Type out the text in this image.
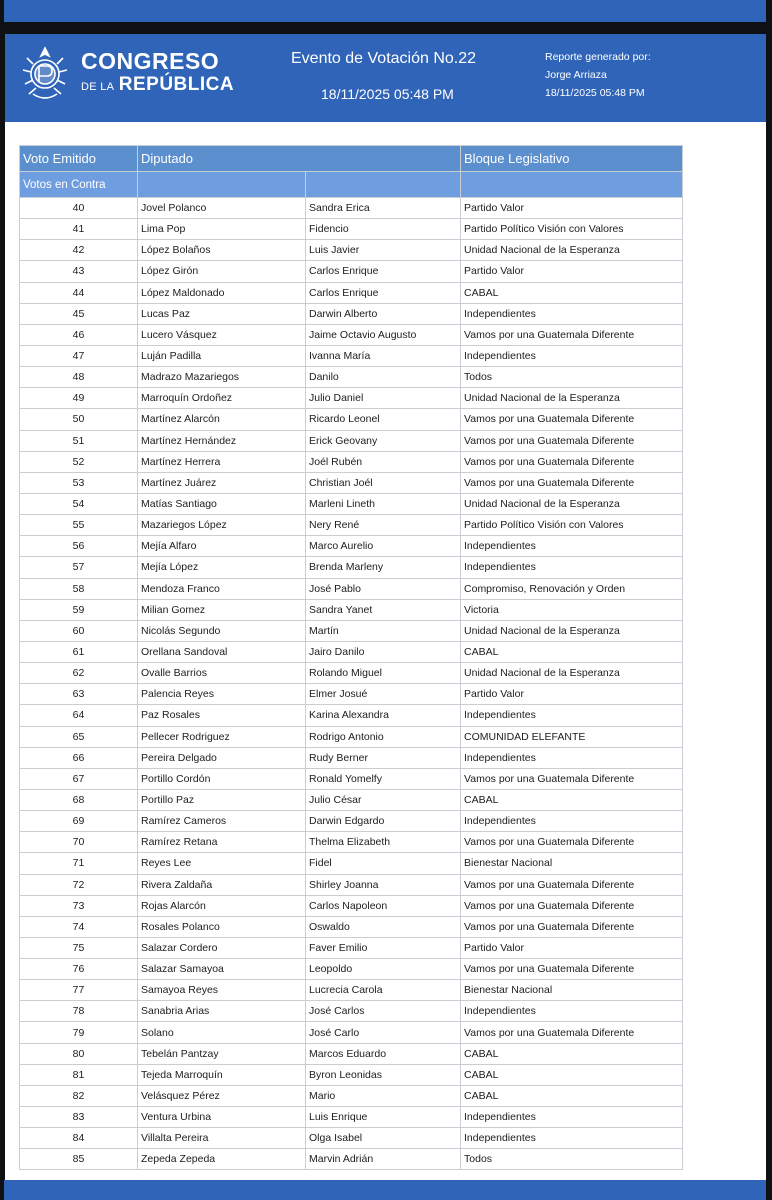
CONGRESO
DE LA REPÚBLICA
Evento de Votación No.22
18/11/2025 05:48 PM
Reporte generado por:
Jorge Arriaza
18/11/2025 05:48 PM
Voto Emitido	Diputado		Bloque Legislativo
Votos en Contra			
40	Jovel Polanco	Sandra Erica	Partido Valor
41	Lima Pop	Fidencio	Partido Político Visión con Valores
42	López Bolaños	Luis Javier	Unidad Nacional de la Esperanza
43	López Girón	Carlos Enrique	Partido Valor
44	López Maldonado	Carlos Enrique	CABAL
45	Lucas Paz	Darwin Alberto	Independientes
46	Lucero Vásquez	Jaime Octavio Augusto	Vamos por una Guatemala Diferente
47	Luján Padilla	Ivanna María	Independientes
48	Madrazo Mazariegos	Danilo	Todos
49	Marroquín Ordoñez	Julio Daniel	Unidad Nacional de la Esperanza
50	Martínez Alarcón	Ricardo Leonel	Vamos por una Guatemala Diferente
51	Martínez Hernández	Erick Geovany	Vamos por una Guatemala Diferente
52	Martínez Herrera	Joél Rubén	Vamos por una Guatemala Diferente
53	Martínez Juárez	Christian Joél	Vamos por una Guatemala Diferente
54	Matías Santiago	Marleni Lineth	Unidad Nacional de la Esperanza
55	Mazariegos López	Nery René	Partido Político Visión con Valores
56	Mejía Alfaro	Marco Aurelio	Independientes
57	Mejía López	Brenda Marleny	Independientes
58	Mendoza Franco	José Pablo	Compromiso, Renovación y Orden
59	Milian Gomez	Sandra Yanet	Victoria
60	Nicolás Segundo	Martín	Unidad Nacional de la Esperanza
61	Orellana Sandoval	Jairo Danilo	CABAL
62	Ovalle Barrios	Rolando Miguel	Unidad Nacional de la Esperanza
63	Palencia Reyes	Elmer Josué	Partido Valor
64	Paz Rosales	Karina Alexandra	Independientes
65	Pellecer Rodriguez	Rodrigo Antonio	COMUNIDAD ELEFANTE
66	Pereira Delgado	Rudy Berner	Independientes
67	Portillo Cordón	Ronald Yomelfy	Vamos por una Guatemala Diferente
68	Portillo Paz	Julio César	CABAL
69	Ramírez Cameros	Darwin Edgardo	Independientes
70	Ramírez Retana	Thelma Elizabeth	Vamos por una Guatemala Diferente
71	Reyes Lee	Fidel	Bienestar Nacional
72	Rivera Zaldaña	Shirley Joanna	Vamos por una Guatemala Diferente
73	Rojas Alarcón	Carlos Napoleon	Vamos por una Guatemala Diferente
74	Rosales Polanco	Oswaldo	Vamos por una Guatemala Diferente
75	Salazar Cordero	Faver Emilio	Partido Valor
76	Salazar Samayoa	Leopoldo	Vamos por una Guatemala Diferente
77	Samayoa Reyes	Lucrecia Carola	Bienestar Nacional
78	Sanabria Arias	José Carlos	Independientes
79	Solano	José Carlo	Vamos por una Guatemala Diferente
80	Tebelán Pantzay	Marcos Eduardo	CABAL
81	Tejeda Marroquín	Byron Leonidas	CABAL
82	Velásquez Pérez	Mario	CABAL
83	Ventura Urbina	Luis Enrique	Independientes
84	Villalta Pereira	Olga Isabel	Independientes
85	Zepeda Zepeda	Marvin Adrián	Todos
